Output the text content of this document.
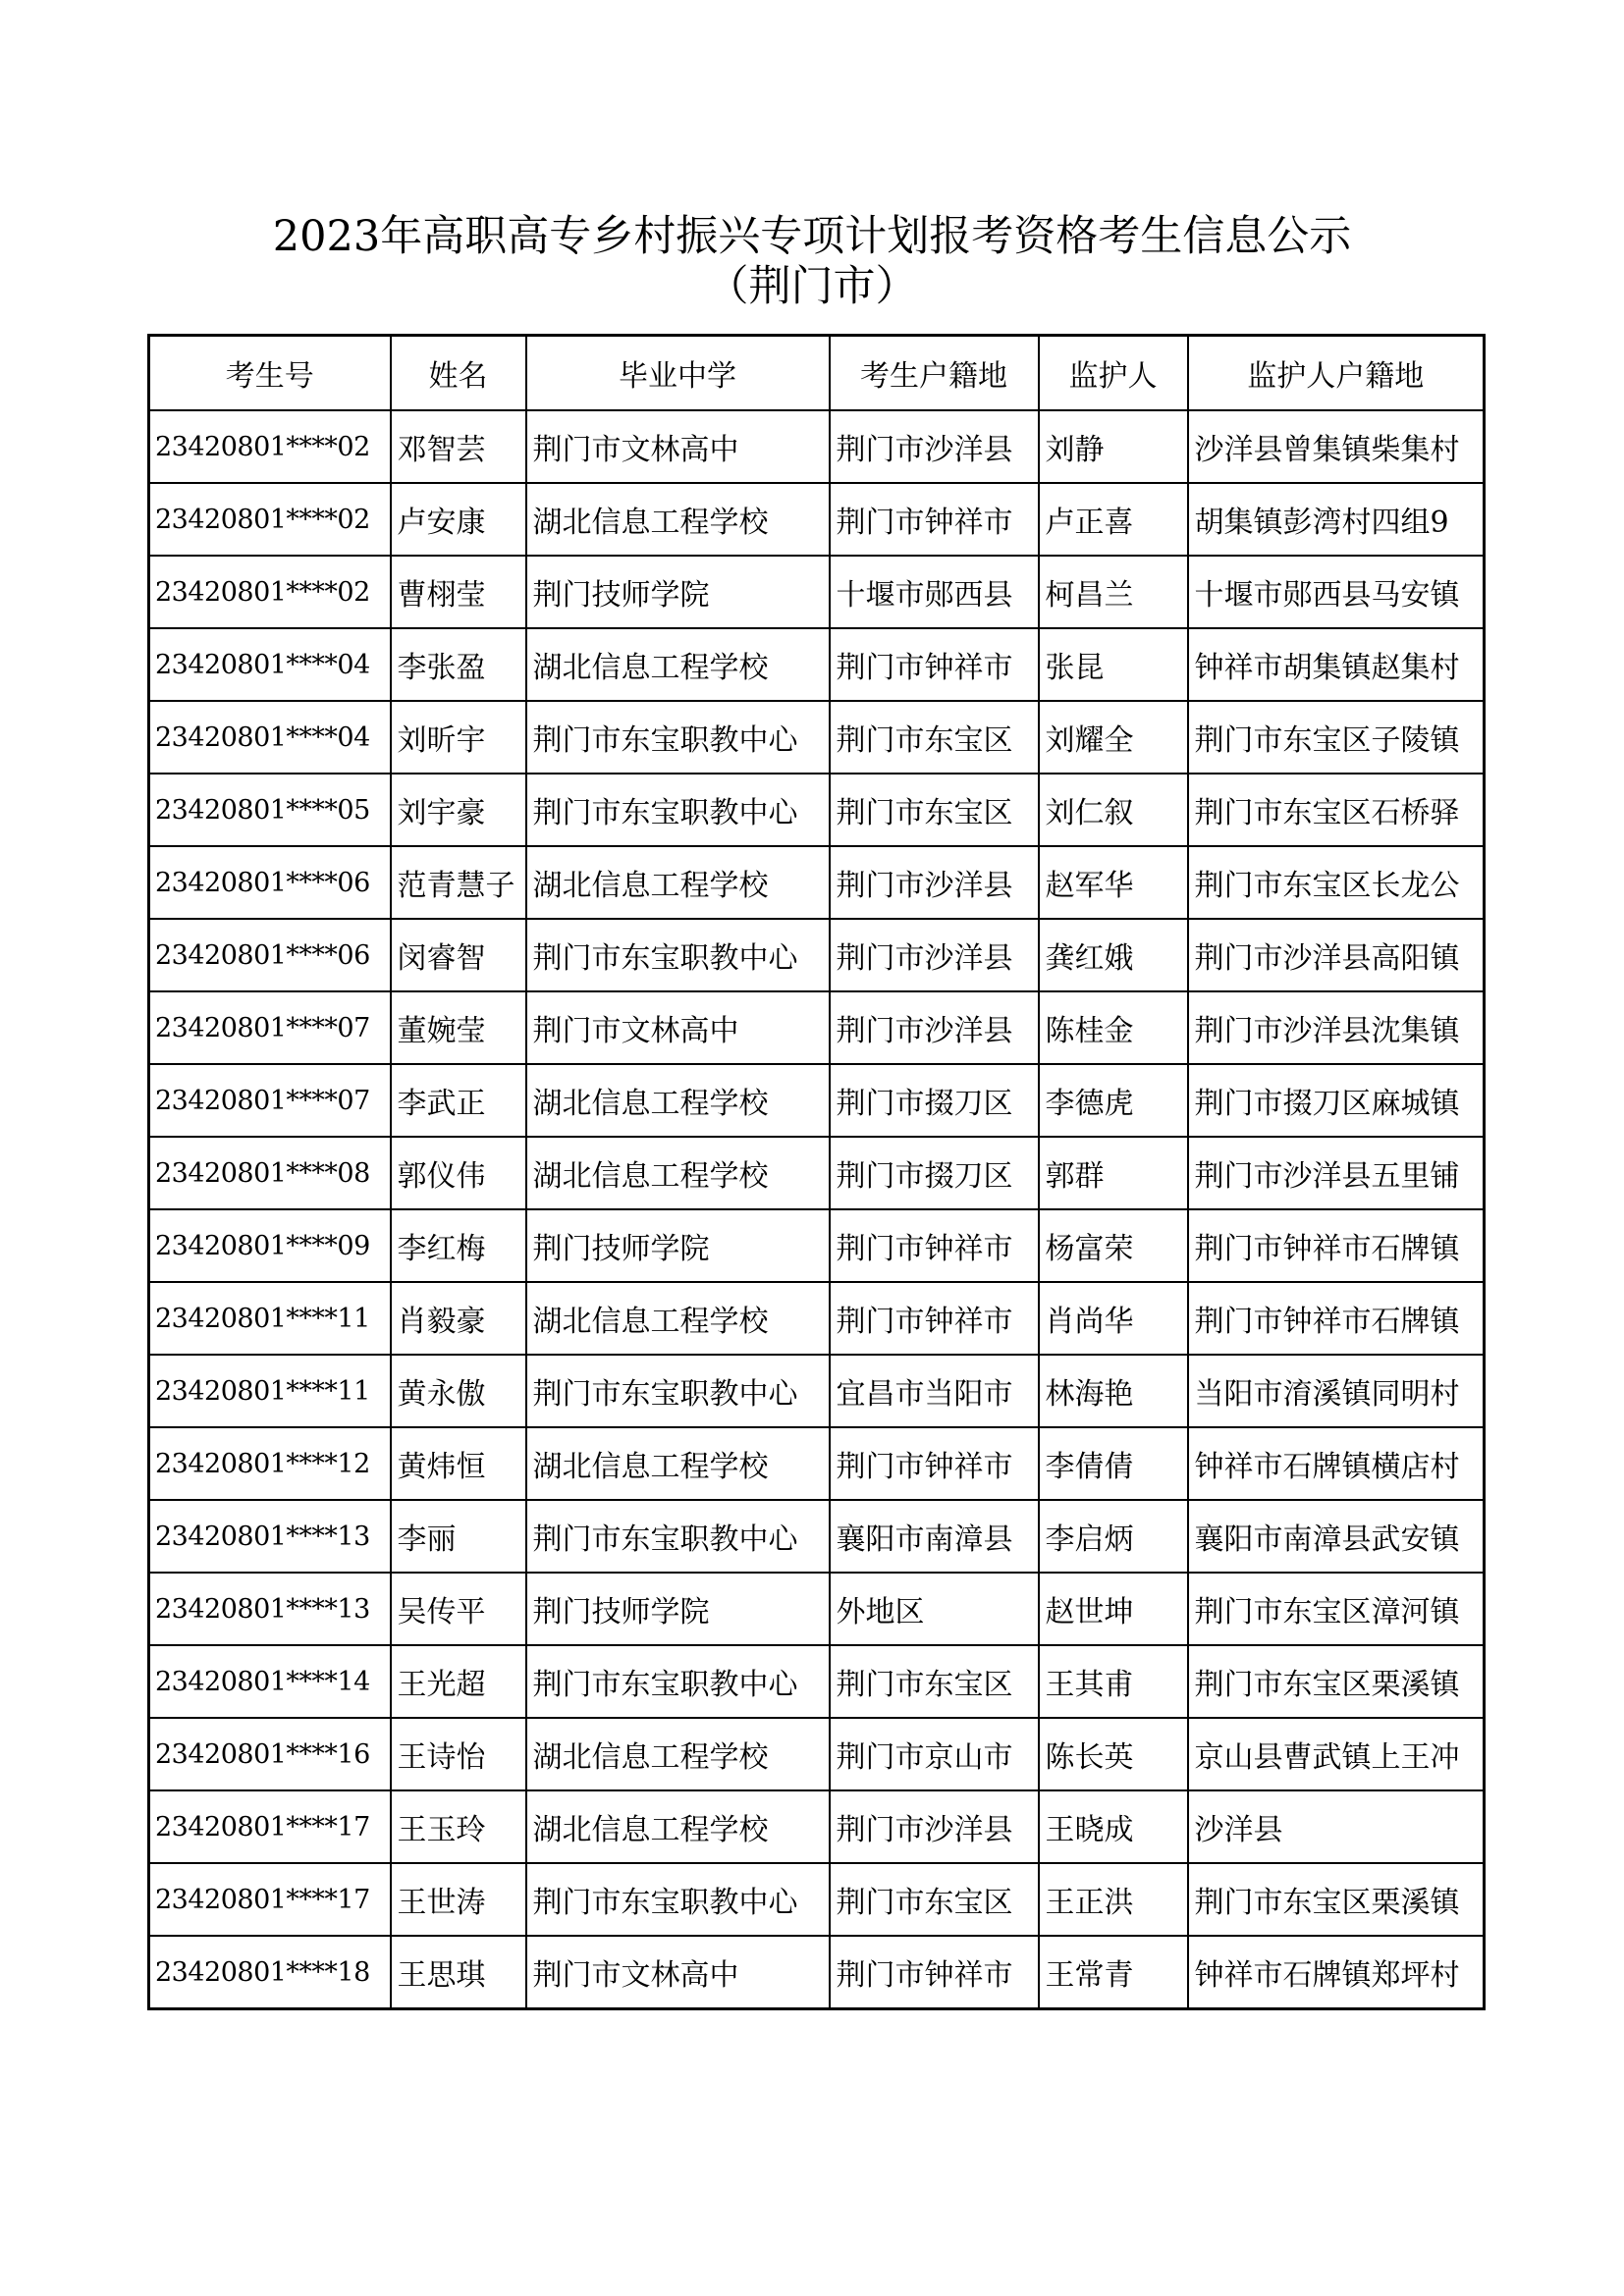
2023年高职高专乡村振兴专项计划报考资格考生信息公示
（荆门市）
考生号	姓名	毕业中学	考生户籍地	监护人	监护人户籍地
23420801****02	邓智芸	荆门市文林高中	荆门市沙洋县	刘静	沙洋县曾集镇柴集村
23420801****02	卢安康	湖北信息工程学校	荆门市钟祥市	卢正喜	胡集镇彭湾村四组9
23420801****02	曹栩莹	荆门技师学院	十堰市郧西县	柯昌兰	十堰市郧西县马安镇
23420801****04	李张盈	湖北信息工程学校	荆门市钟祥市	张昆	钟祥市胡集镇赵集村
23420801****04	刘昕宇	荆门市东宝职教中心	荆门市东宝区	刘耀全	荆门市东宝区子陵镇
23420801****05	刘宇豪	荆门市东宝职教中心	荆门市东宝区	刘仁叙	荆门市东宝区石桥驿
23420801****06	范青慧子	湖北信息工程学校	荆门市沙洋县	赵军华	荆门市东宝区长龙公
23420801****06	闵睿智	荆门市东宝职教中心	荆门市沙洋县	龚红娥	荆门市沙洋县高阳镇
23420801****07	董婉莹	荆门市文林高中	荆门市沙洋县	陈桂金	荆门市沙洋县沈集镇
23420801****07	李武正	湖北信息工程学校	荆门市掇刀区	李德虎	荆门市掇刀区麻城镇
23420801****08	郭仪伟	湖北信息工程学校	荆门市掇刀区	郭群	荆门市沙洋县五里铺
23420801****09	李红梅	荆门技师学院	荆门市钟祥市	杨富荣	荆门市钟祥市石牌镇
23420801****11	肖毅豪	湖北信息工程学校	荆门市钟祥市	肖尚华	荆门市钟祥市石牌镇
23420801****11	黄永傲	荆门市东宝职教中心	宜昌市当阳市	林海艳	当阳市淯溪镇同明村
23420801****12	黄炜恒	湖北信息工程学校	荆门市钟祥市	李倩倩	钟祥市石牌镇横店村
23420801****13	李丽	荆门市东宝职教中心	襄阳市南漳县	李启炳	襄阳市南漳县武安镇
23420801****13	吴传平	荆门技师学院	外地区	赵世坤	荆门市东宝区漳河镇
23420801****14	王光超	荆门市东宝职教中心	荆门市东宝区	王其甫	荆门市东宝区栗溪镇
23420801****16	王诗怡	湖北信息工程学校	荆门市京山市	陈长英	京山县曹武镇上王冲
23420801****17	王玉玲	湖北信息工程学校	荆门市沙洋县	王晓成	沙洋县
23420801****17	王世涛	荆门市东宝职教中心	荆门市东宝区	王正洪	荆门市东宝区栗溪镇
23420801****18	王思琪	荆门市文林高中	荆门市钟祥市	王常青	钟祥市石牌镇郑坪村
